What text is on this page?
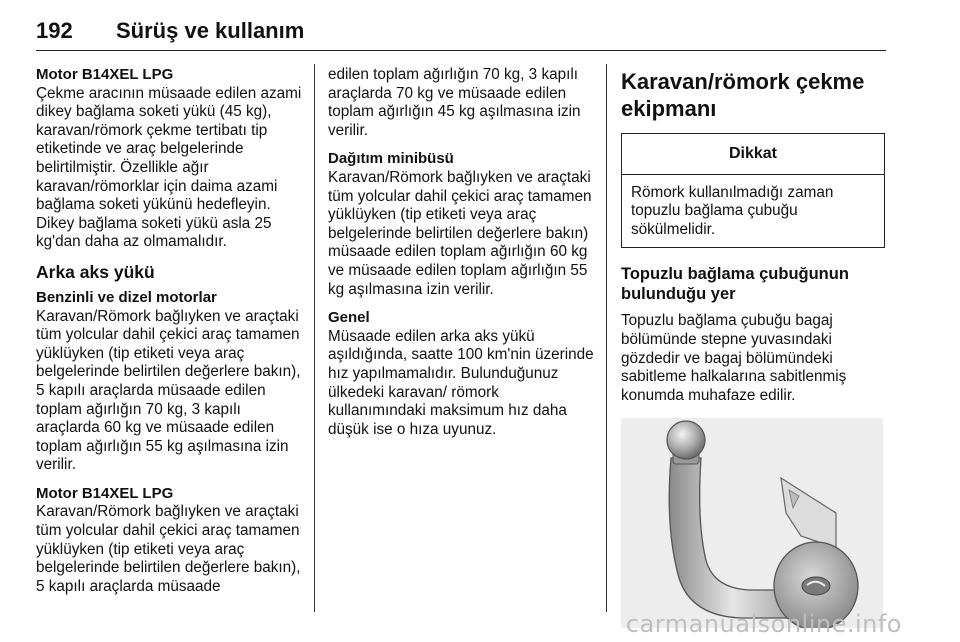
192 Sürüş ve kullanım
Motor B14XEL LPG

Çekme aracının müsaade edilen azami dikey bağlama soketi yükü (45 kg), karavan/römork çekme tertibatı tip etiketinde ve araç belgelerinde belirtilmiştir. Özellikle ağır karavan/römorklar için daima azami bağlama soketi yükünü hedefleyin. Dikey bağlama soketi yükü asla 25 kg'dan daha az olmamalıdır.

Arka aks yükü
Benzinli ve dizel motorlar

Karavan/Römork bağlıyken ve araçtaki tüm yolcular dahil çekici araç tamamen yüklüyken (tip etiketi veya araç belgelerinde belirtilen değerlere bakın), 5 kapılı araçlarda müsaade edilen toplam ağırlığın 70 kg, 3 kapılı araçlarda 60 kg ve müsaade edilen toplam ağırlığın 55 kg aşılmasına izin verilir.

Motor B14XEL LPG

Karavan/Römork bağlıyken ve araçtaki tüm yolcular dahil çekici araç tamamen yüklüyken (tip etiketi veya araç belgelerinde belirtilen değerlere bakın), 5 kapılı araçlarda müsaade

edilen toplam ağırlığın 70 kg, 3 kapılı araçlarda 70 kg ve müsaade edilen toplam ağırlığın 45 kg aşılmasına izin verilir.

Dağıtım minibüsü

Karavan/Römork bağlıyken ve araçtaki tüm yolcular dahil çekici araç tamamen yüklüyken (tip etiketi veya araç belgelerinde belirtilen değerlere bakın) müsaade edilen toplam ağırlığın 60 kg ve müsaade edilen toplam ağırlığın 55 kg aşılmasına izin verilir.

Genel

Müsaade edilen arka aks yükü aşıldığında, saatte 100 km'nin üzerinde hız yapılmamalıdır. Bulunduğunuz ülkedeki karavan/ römork kullanımındaki maksimum hız daha düşük ise o hıza uyunuz.

Karavan/römork çekme ekipmanı
Dikkat
Römork kullanılmadığı zaman topuzlu bağlama çubuğu sökülmelidir.
Topuzlu bağlama çubuğunun bulunduğu yer

Topuzlu bağlama çubuğu bagaj bölümünde stepne yuvasındaki gözdedir ve bagaj bölümündeki sabitleme halkalarına sabitlenmiş konumda muhafaze edilir.

carmanualsonline.info
